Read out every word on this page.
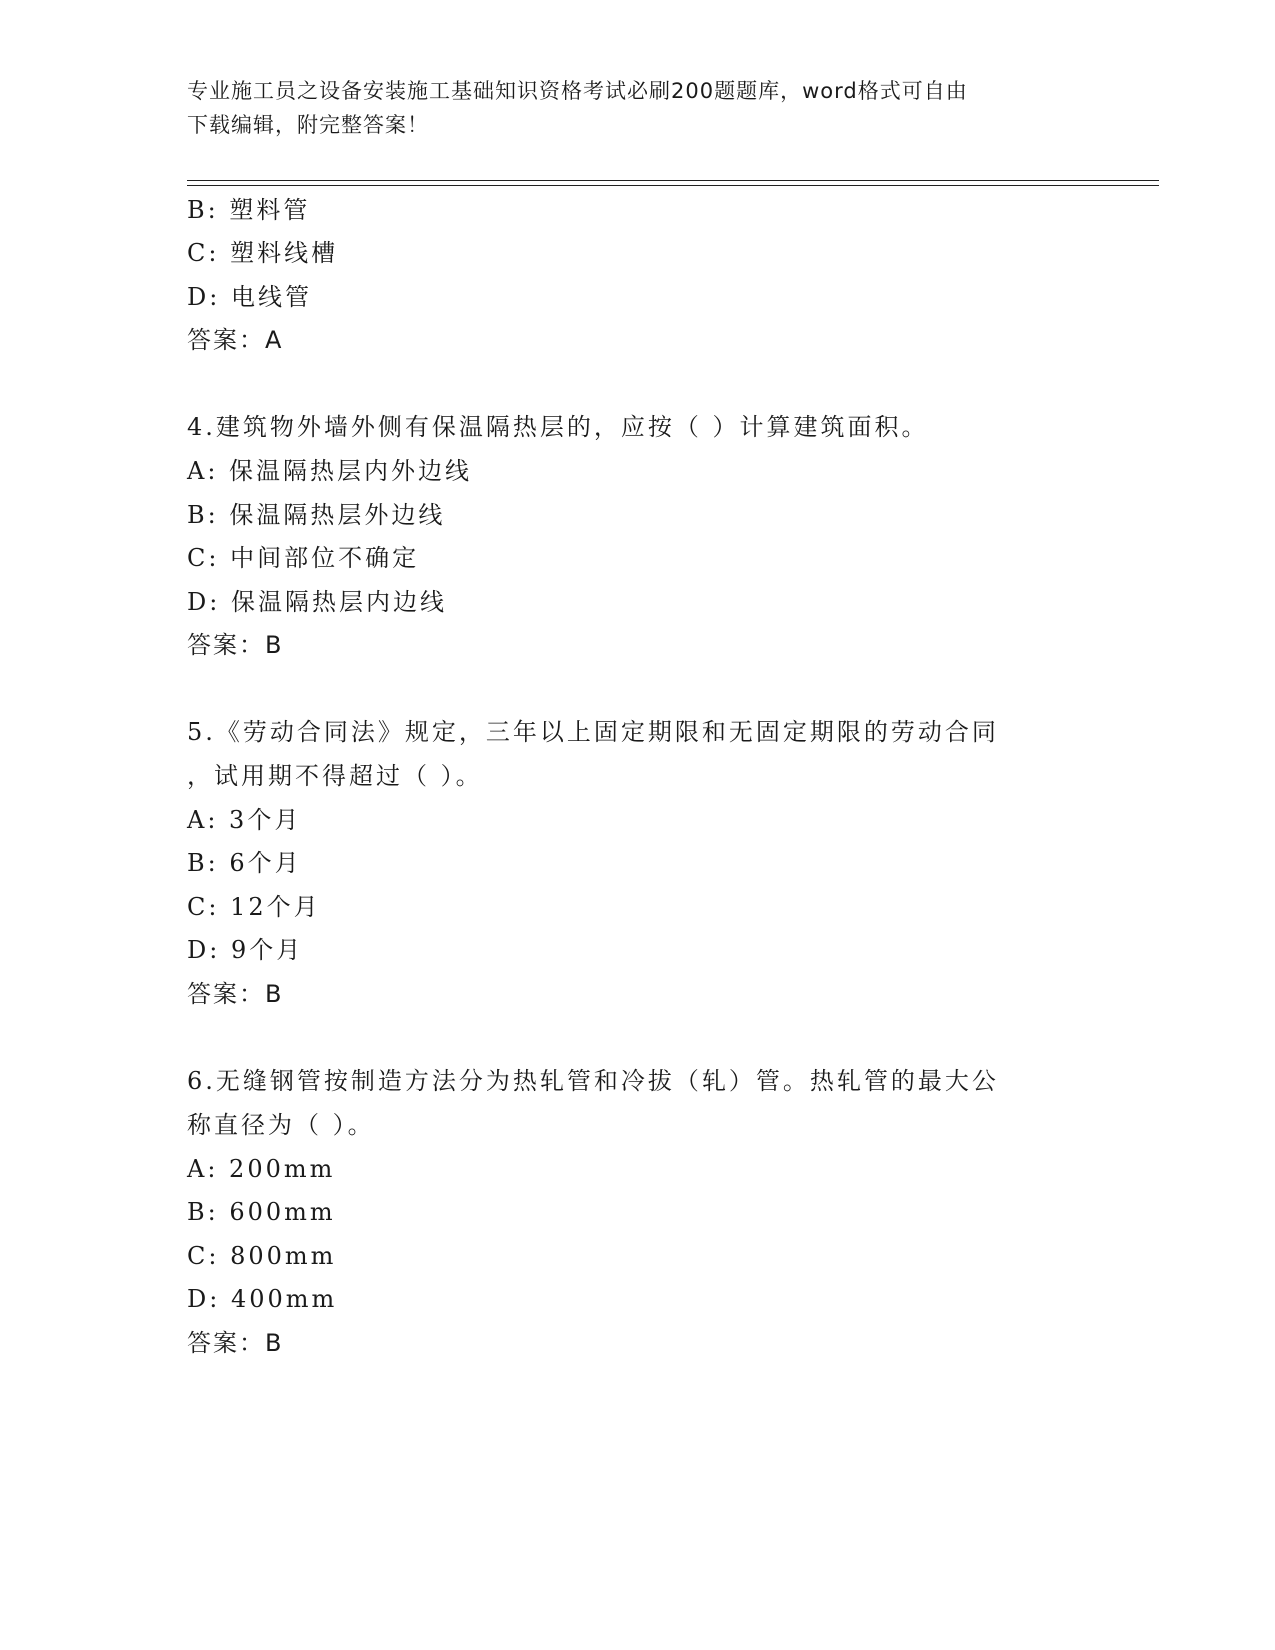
专业施工员之设备安装施工基础知识资格考试必刷200题题库，word格式可自由
下载编辑，附完整答案！
B: 塑料管
C: 塑料线槽
D: 电线管
答案：A
4.建筑物外墙外侧有保温隔热层的，应按（ ）计算建筑面积。
A: 保温隔热层内外边线
B: 保温隔热层外边线
C: 中间部位不确定
D: 保温隔热层内边线
答案：B
5.《劳动合同法》规定，三年以上固定期限和无固定期限的劳动合同
，试用期不得超过（ ）。
A: 3个月
B: 6个月
C: 12个月
D: 9个月
答案：B
6.无缝钢管按制造方法分为热轧管和冷拔（轧）管。热轧管的最大公
称直径为（ ）。
A: 200mm
B: 600mm
C: 800mm
D: 400mm
答案：B
